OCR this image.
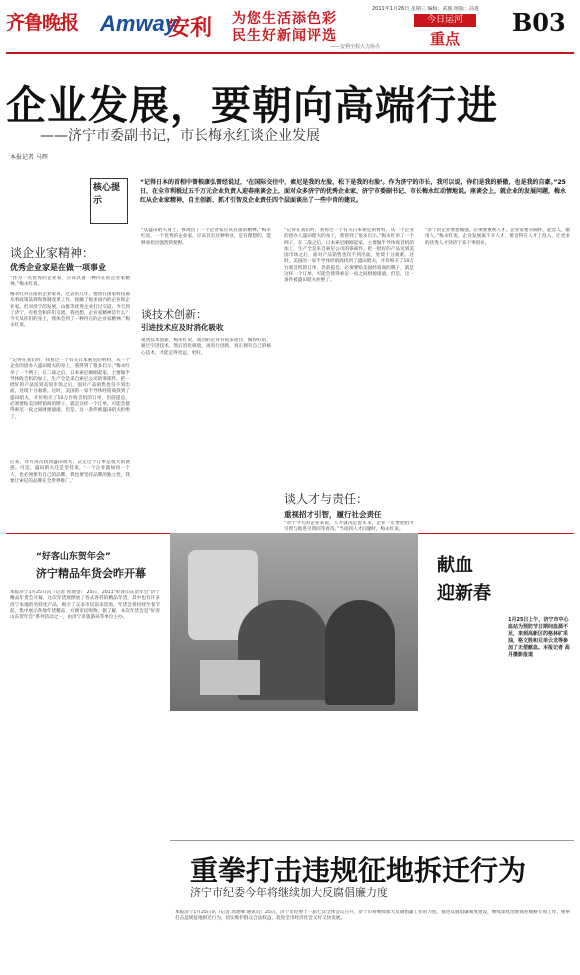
齐鲁晚报 Amway
安利 为您生活添色彩
民生好新闻评选
——安利全程大力协办
2011年1月26日 星期三 编辑：武俊 组版：高进
今日运河
重点
B03
企业发展，要朝向高端行进
——济宁市委副书记，市长梅永红谈企业发展
本报记者 马辉
核心提示
“记得日本的首相中曾根康弘曾经说过，‘在国际交往中，索尼是我的左脸，松下是我的右脸’。作为济宁的市长，我可以说，你们是我的骄傲，也是我的自豪。”25日，在全市利税过五千万元企业负责人迎春座谈会上，面对众多济宁的优秀企业家，济宁市委副书记、市长梅永红动情地说。座谈会上，就企业的发展问题，梅永红从企业家精神、自主创新、抓才引智及企业责任四个层面谈出了一些中肯的建议。
谈企业家精神：
优秀企业家是在做一项事业
“作为一名优秀的企业家，应该具备一种内在的企业家精神。”梅永红说。
梅永红对在座的企业家说，过去的几年，他曾在国家科技部从事政策法规和体制改革工作，接触了很多国内的企业和企业家。但对济宁的发展，山推等优秀企业打过交道。今天到了济宁，有机会和你们交流，我也想，企业家精神是什么？今天从你们的身上，我体会到了一种内在的企业家精神。”梅永红说。
“记得在我们时，我看过一个有关日本索尼的材料，从一个企业的创办人盛田昭夫的身上，我得到了很多启示。”梅永红举了一个例子，在二战之后，日本索尼刚刚起家，主要做半导体收音机的加工，生产全是来自索尼公司的零部件。把一批好的产品送到美国市场之后，面对产品销售也仅不到出面，处境十分艰难。这时，美国的一家半导体经销商找到了盛田昭夫，开价购买了10万台收音机的订单，但前提是，必须要贴美国经销商的牌子，就是这样一个订单，可能会使得索尼一夜之间财源滚滚，但是，这一条件被盛田昭夫拒绝了。
后来，对方再次找到盛田昭夫，认定这个订单是很大的诱惑。可是，盛田昭夫还是坚持说，‘一个企业就如同一个人，也必须要有自己的品牌，我也要坚持品牌的独立性，我要让索尼的品牌在全世界推广。’
“从盛田昭夫身上，体现出了一个企业家应该具备的精神。”梅永红说，一个优秀的企业家，应该具有这种事业，是有理想的，能够承担出强烈的使野。
谈技术创新：
引进技术应及时消化吸收
谈到技术创新，梅永红说，成功的企业有很多途径，做得好的，通过引进技术，然后消化吸收，再进行创新，真正拥有自己的核心技术，才能走得更远、更好。
“记得在我们时，我看过一个有关日本索尼的材料，从一个企业的创办人盛田昭夫的身上，我得到了很多启示。”梅永红举了一个例子，在二战之后，日本索尼刚刚起家，主要做半导体收音机的加工，生产全是来自索尼公司的零部件。把一批好的产品送到美国市场之后，面对产品销售也仅不到出面，处境十分艰难。这时，美国的一家半导体经销商找到了盛田昭夫，开价购买了10万台收音机的订单，但前提是，必须要贴美国经销商的牌子，就是这样一个订单，可能会使得索尼一夜之间财源滚滚，但是，这一条件被盛田昭夫拒绝了。
谈人才与责任：
重视招才引智，履行社会责任
“对于今天的企业来说，人才就决定着未来，企业一定要把招才引智与推进引资同等看待。”当谈到人才问题时，梅永红说。
“济宁的企业要想做强，必须要重视人才。企业家要有胸怀，能容人，敢用人。”梅永红说，企业发展离不开人才，要舍得在人才上投入，让更多的优秀人才到济宁来干事创业。
“好客山东贺年会”
济宁精品年货会昨开幕
本报济宁1月25日讯（记者 曾现金） 25日，2011“好客山东贺年会”济宁精品年货会开幕，这次年货展摆放了各式各样的精品年货，其中也有许多济宁本地的名特优产品，吸引了众多市民前来选购。年货会将持续至春节前，集中展示各地年货精品，方便市民购物。据了解，本次年货会是“好客山东贺年会”系列活动之一，由济宁市旅游局等单位主办。
献血
迎新春
1月25日上午，济宁市中心血站为预防节日期间血源不足，来到高新区的格林矿采油，格文胜和兄弟云龙等参加了无偿献血。本报记者 高月摄影报道
重拳打击违规征地拆迁行为
济宁市纪委今年将继续加大反腐倡廉力度
本报济宁1月25日讯（记者 高建峰 通讯员）25日，济宁市纪委十一届七次全体会议召开，济宁市将继续加大反腐倡廉工作的力度，推进反腐倡廉制度建设，继续深化治理商业贿赂专项工作，重拳打击违规征地拆迁行为，切实维护群众合法权益，促进全市经济社会又好又快发展。
